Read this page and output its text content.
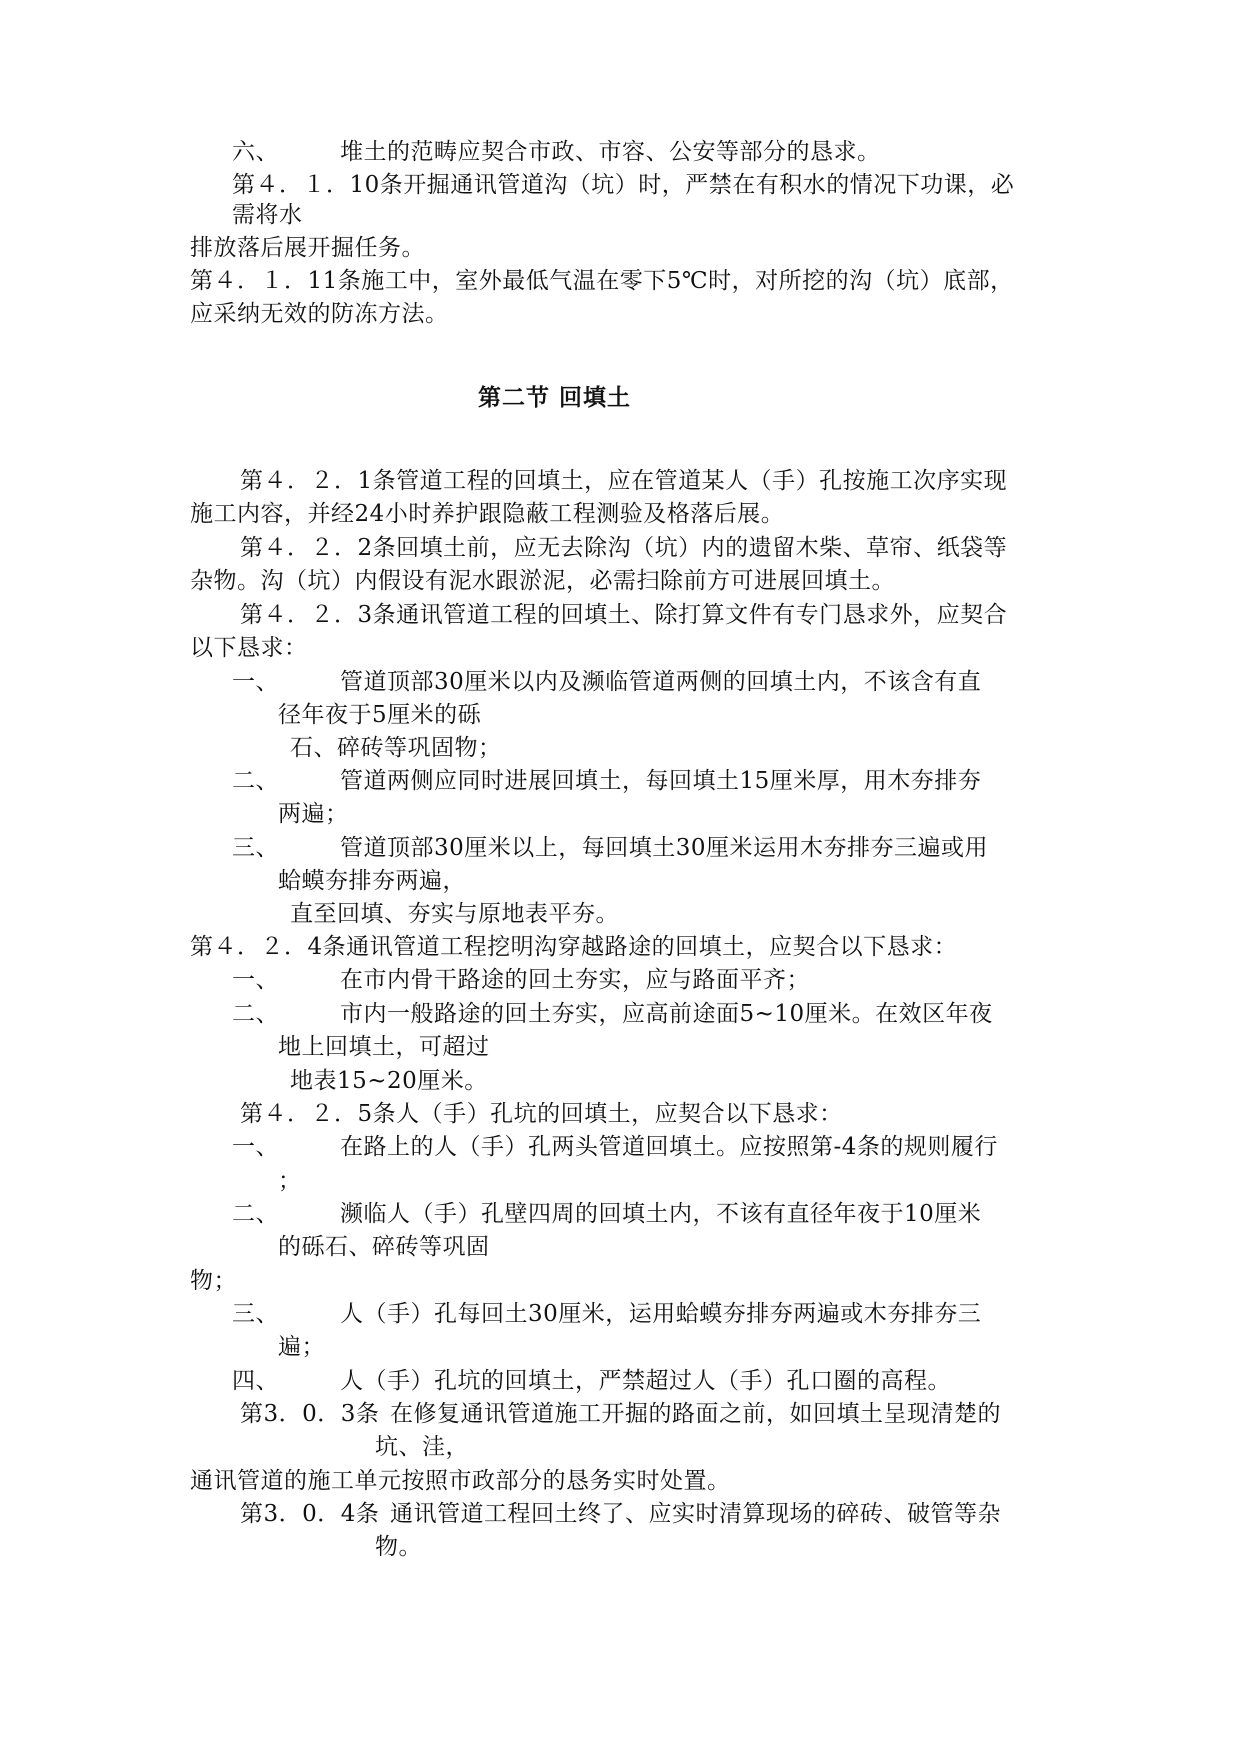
六、	堆土的范畴应契合市政、市容、公安等部分的恳求。
第４．１．10条开掘通讯管道沟（坑）时，严禁在有积水的情况下功课，必
需将水
排放落后展开掘任务。
第４．１．11条施工中，室外最低气温在零下5℃时，对所挖的沟（坑）底部，
应采纳无效的防冻方法。
第二节 回填土
第４．２．1条管道工程的回填土，应在管道某人（手）孔按施工次序实现
施工内容，并经24小时养护跟隐蔽工程测验及格落后展。
第４．２．2条回填土前，应无去除沟（坑）内的遗留木柴、草帘、纸袋等
杂物。沟（坑）内假设有泥水跟淤泥，必需扫除前方可进展回填土。
第４．２．3条通讯管道工程的回填土、除打算文件有专门恳求外，应契合
以下恳求：
一、	管道顶部30厘米以内及濒临管道两侧的回填土内，不该含有直
径年夜于5厘米的砾
石、碎砖等巩固物；
二、	管道两侧应同时进展回填土，每回填土15厘米厚，用木夯排夯
两遍；
三、	管道顶部30厘米以上，每回填土30厘米运用木夯排夯三遍或用
蛤蟆夯排夯两遍，
直至回填、夯实与原地表平夯。
第４．２．4条通讯管道工程挖明沟穿越路途的回填土，应契合以下恳求：
一、	在市内骨干路途的回土夯实，应与路面平齐；
二、	市内一般路途的回土夯实，应高前途面5~10厘米。在效区年夜
地上回填土，可超过
地表15~20厘米。
第４．２．5条人（手）孔坑的回填土，应契合以下恳求：
一、	在路上的人（手）孔两头管道回填土。应按照第-4条的规则履行
；
二、	濒临人（手）孔壁四周的回填土内，不该有直径年夜于10厘米
的砾石、碎砖等巩固
物；
三、	人（手）孔每回土30厘米，运用蛤蟆夯排夯两遍或木夯排夯三
遍；
四、	人（手）孔坑的回填土，严禁超过人（手）孔口圈的高程。
第3．0．3条 在修复通讯管道施工开掘的路面之前，如回填土呈现清楚的
坑、洼，
通讯管道的施工单元按照市政部分的恳务实时处置。
第3．0．4条 通讯管道工程回土终了、应实时清算现场的碎砖、破管等杂
物。
